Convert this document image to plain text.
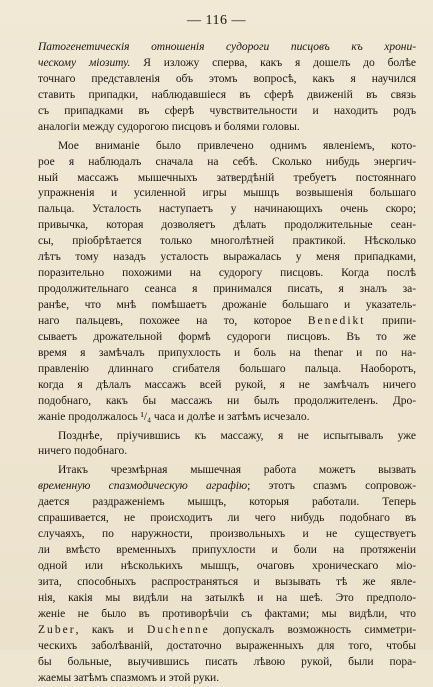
— 116 —
Патогенетическія отношенія судороги писцовъ къ хрони-
ческому міозиту. Я изложу сперва, какъ я дошелъ до болѣе
точнаго представленія объ этомъ вопросѣ, какъ я научился
ставить припадки, наблюдавшіеся въ сферѣ движеній въ связь
съ припадками въ сферѣ чувствительности и находить родъ
аналогіи между судорогою писцовъ и болями головы.
Мое вниманіе было привлечено однимъ явленіемъ, кото-
рое я наблюдалъ сначала на себѣ. Сколько нибудь энергич-
ный массажъ мышечныхъ затвердѣній требуетъ постояннаго
упражненія и усиленной игры мышцъ возвышенія большаго
пальца. Усталость наступаетъ у начинающихъ очень скоро;
привычка, которая дозволяетъ дѣлать продолжительные сеан-
сы, пріобрѣтается только многолѣтней практикой. Нѣсколько
лѣтъ тому назадъ усталость выражалась у меня припадками,
поразительно похожими на судорогу писцовъ. Когда послѣ
продолжительнаго сеанса я принимался писать, я зналъ за-
ранѣе, что мнѣ помѣшаетъ дрожаніе большаго и указатель-
наго пальцевъ, похожее на то, которое Benedikt припи-
сываетъ дрожательной формѣ судороги писцовъ. Въ то же
время я замѣчалъ припухлость и боль на thenar и по на-
правленію длиннаго сгибателя большаго пальца. Наоборотъ,
когда я дѣлалъ массажъ всей рукой, я не замѣчалъ ничего
подобнаго, какъ бы массажъ ни былъ продолжителенъ. Дро-
жаніе продолжалось ¹/₄ часа и долѣе и затѣмъ исчезало.
Позднѣе, пріучившись къ массажу, я не испытывалъ уже
ничего подобнаго.
Итакъ чрезмѣрная мышечная работа можетъ вызвать
временную спазмодическую аграфію; этотъ спазмъ сопровож-
дается раздраженіемъ мышцъ, которыя работали. Теперь
спрашивается, не происходитъ ли чего нибудь подобнаго въ
случаяхъ, по наружности, произвольныхъ и не существуетъ
ли вмѣсто временныхъ припухлости и боли на протяженіи
одной или нѣсколькихъ мышцъ, очаговъ хроническаго міо-
зита, способныхъ распространяться и вызывать тѣ же явле-
нія, какія мы видѣли на затылкѣ и на шеѣ. Это предполо-
женіе не было въ противорѣчіи съ фактами; мы видѣли, что
Zuber, какъ и Duchenne допускалъ возможность симметри-
ческихъ заболѣваній, достаточно выраженныхъ для того, чтобы
бы больные, выучившись писать лѣвою рукой, были пора-
жаемы затѣмъ спазмомъ и этой руки.
